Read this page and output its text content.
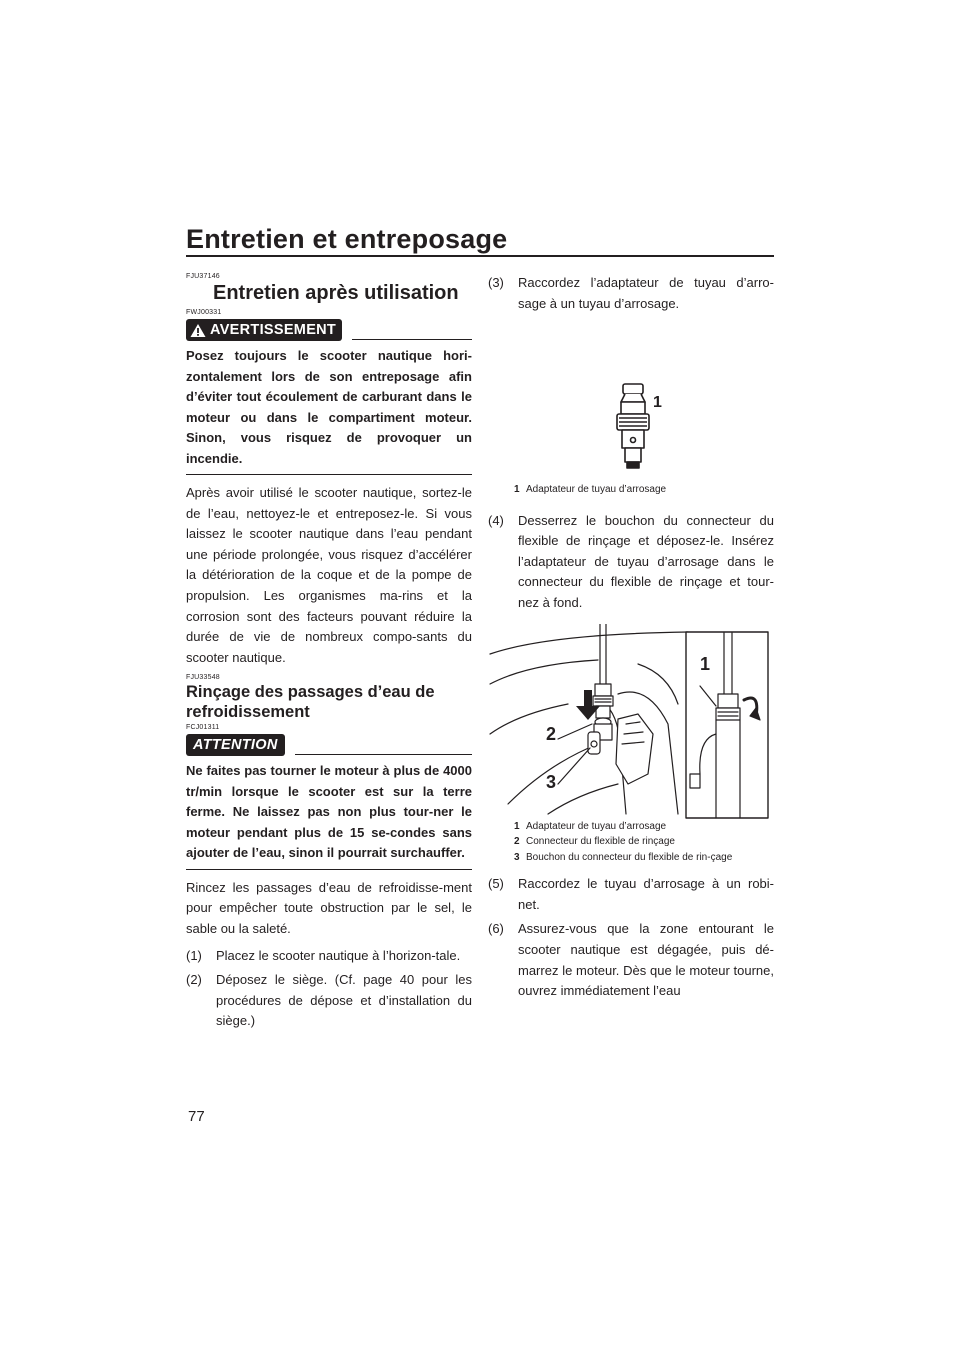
Entretien et entreposage
FJU37146
Entretien après utilisation
FWJ00331
AVERTISSEMENT
Posez toujours le scooter nautique hori-zontalement lors de son entreposage afin d’éviter tout écoulement de carburant dans le moteur ou dans le compartiment moteur. Sinon, vous risquez de provoquer un incendie.
Après avoir utilisé le scooter nautique, sortez-le de l’eau, nettoyez-le et entreposez-le. Si vous laissez le scooter nautique dans l’eau pendant une période prolongée, vous risquez d’accélérer la détérioration de la coque et de la pompe de propulsion. Les organismes ma-rins et la corrosion sont des facteurs pouvant réduire la durée de vie de nombreux compo-sants du scooter nautique.
FJU33548
Rinçage des passages d’eau de refroidissement
FCJ01311
ATTENTION
Ne faites pas tourner le moteur à plus de 4000 tr/min lorsque le scooter est sur la terre ferme. Ne laissez pas non plus tour-ner le moteur pendant plus de 15 se-condes sans ajouter de l’eau, sinon il pourrait surchauffer.
Rincez les passages d’eau de refroidisse-ment pour empêcher toute obstruction par le sel, le sable ou la saleté.
(1)	Placez le scooter nautique à l’horizon-tale.
(2)	Déposez le siège. (Cf. page 40 pour les procédures de dépose et d’installation du siège.)
(3)	Raccordez l’adaptateur de tuyau d’arro-sage à un tuyau d’arrosage.
1
1 Adaptateur de tuyau d’arrosage
(4)	Desserrez le bouchon du connecteur du flexible de rinçage et déposez-le. Insérez l’adaptateur de tuyau d’arrosage dans le connecteur du flexible de rinçage et tour-nez à fond.
1
2
3
1 Adaptateur de tuyau d’arrosage
2 Connecteur du flexible de rinçage
3 Bouchon du connecteur du flexible de rin-çage
(5)	Raccordez le tuyau d’arrosage à un robi-net.
(6)	Assurez-vous que la zone entourant le scooter nautique est dégagée, puis dé-marrez le moteur. Dès que le moteur tourne, ouvrez immédiatement l’eau
77
